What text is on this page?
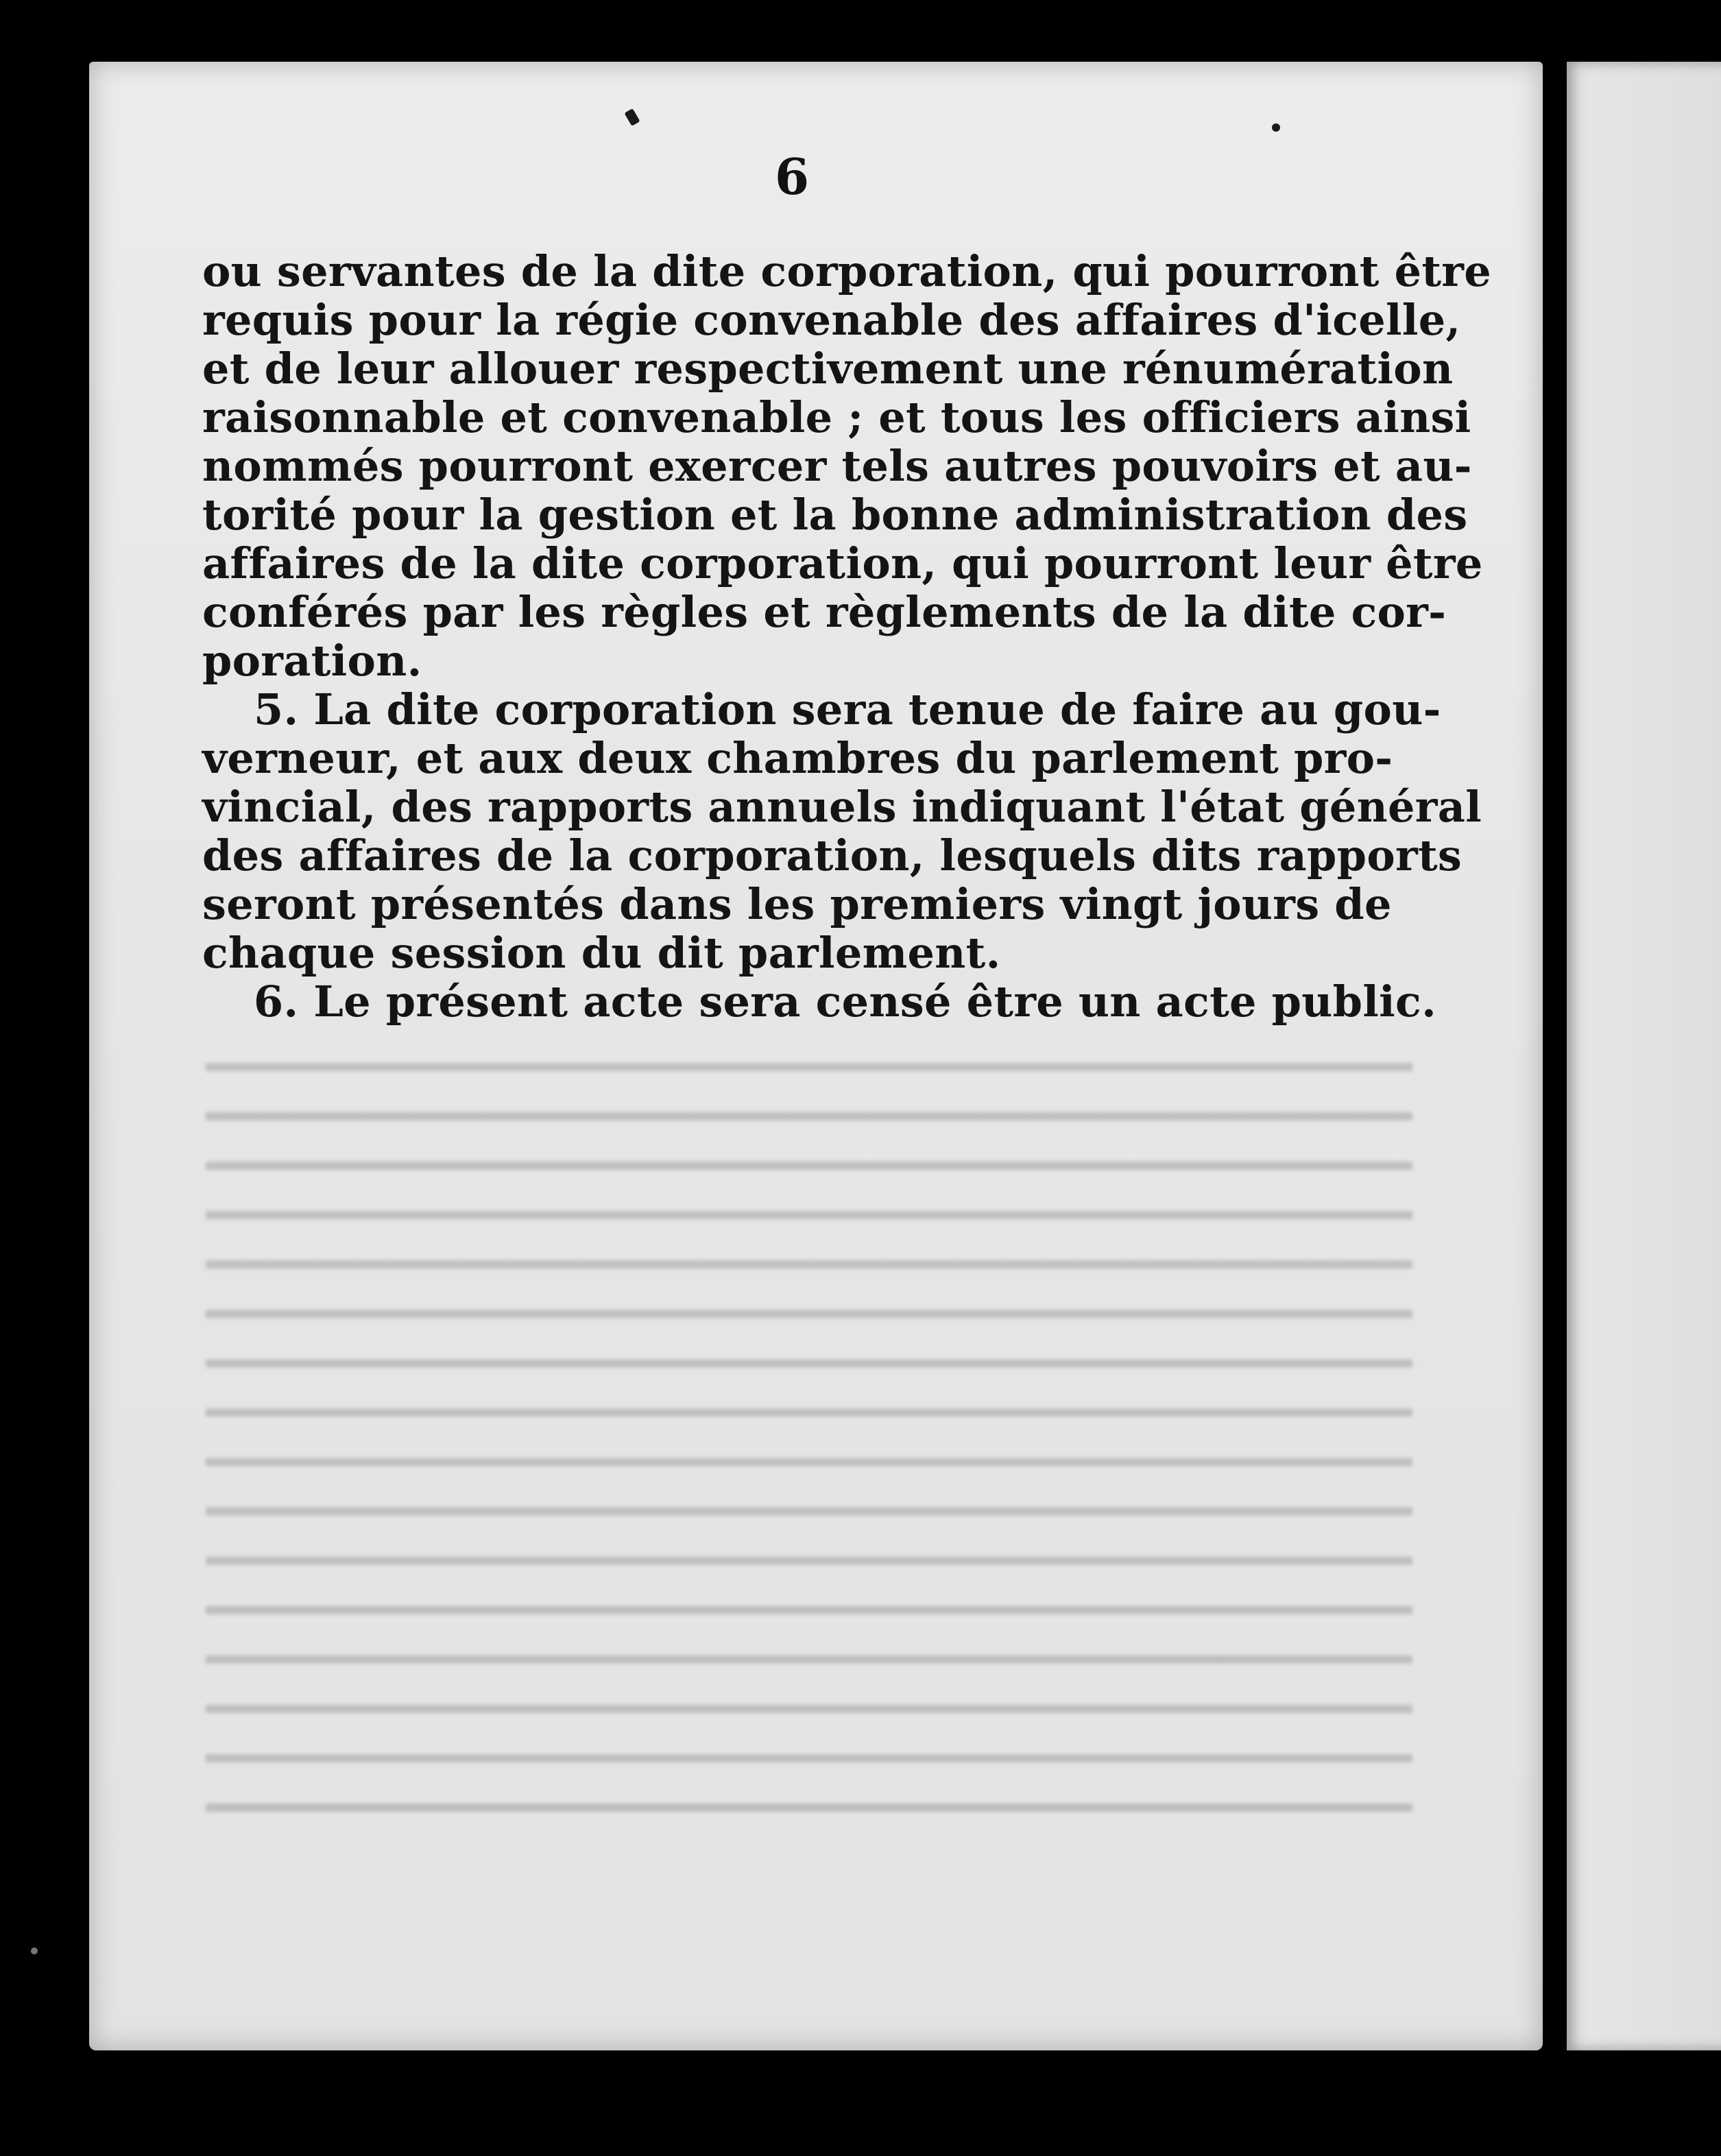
6
ou servantes de la dite corporation, qui pourront être
requis pour la régie convenable des affaires d'icelle,
et de leur allouer respectivement une rénumération
raisonnable et convenable ; et tous les officiers ainsi
nommés pourront exercer tels autres pouvoirs et au-
torité pour la gestion et la bonne administration des
affaires de la dite corporation, qui pourront leur être
conférés par les règles et règlements de la dite cor-
poration.
5. La dite corporation sera tenue de faire au gou-
verneur, et aux deux chambres du parlement pro-
vincial, des rapports annuels indiquant l'état général
des affaires de la corporation, lesquels dits rapports
seront présentés dans les premiers vingt jours de
chaque session du dit parlement.
6. Le présent acte sera censé être un acte public.
